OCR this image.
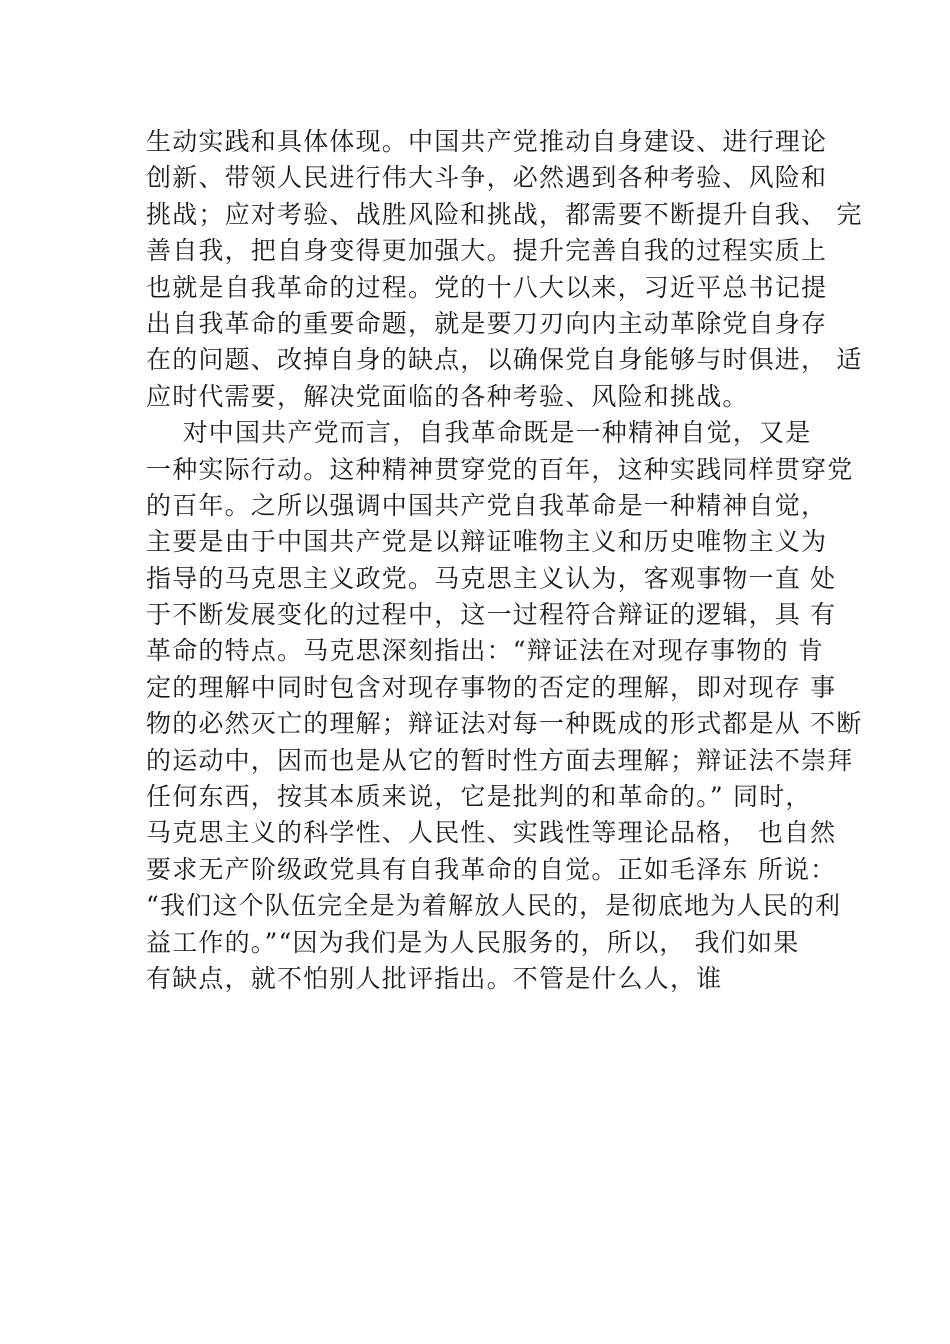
生动实践和具体体现。中国共产党推动自身建设、进行理论
创新、带领人民进行伟大斗争，必然遇到各种考验、风险和
挑战；应对考验、战胜风险和挑战，都需要不断提升自我、 完
善自我，把自身变得更加强大。提升完善自我的过程实质上
也就是自我革命的过程。党的十八大以来，习近平总书记提
出自我革命的重要命题，就是要刀刃向内主动革除党自身存
在的问题、改掉自身的缺点，以确保党自身能够与时俱进， 适
应时代需要，解决党面临的各种考验、风险和挑战。
对中国共产党而言，自我革命既是一种精神自觉，又是
一种实际行动。这种精神贯穿党的百年，这种实践同样贯穿党
的百年。之所以强调中国共产党自我革命是一种精神自觉，
主要是由于中国共产党是以辩证唯物主义和历史唯物主义为
指导的马克思主义政党。马克思主义认为，客观事物一直 处
于不断发展变化的过程中，这一过程符合辩证的逻辑，具 有
革命的特点。马克思深刻指出：“辩证法在对现存事物的 肯
定的理解中同时包含对现存事物的否定的理解，即对现存 事
物的必然灭亡的理解；辩证法对每一种既成的形式都是从 不断
的运动中，因而也是从它的暂时性方面去理解；辩证法不崇拜
任何东西，按其本质来说，它是批判的和革命的。” 同时，
马克思主义的科学性、人民性、实践性等理论品格， 也自然
要求无产阶级政党具有自我革命的自觉。正如毛泽东 所说：
“我们这个队伍完全是为着解放人民的，是彻底地为人民的利
益工作的。”“因为我们是为人民服务的，所以， 我们如果
有缺点，就不怕别人批评指出。不管是什么人，谁
